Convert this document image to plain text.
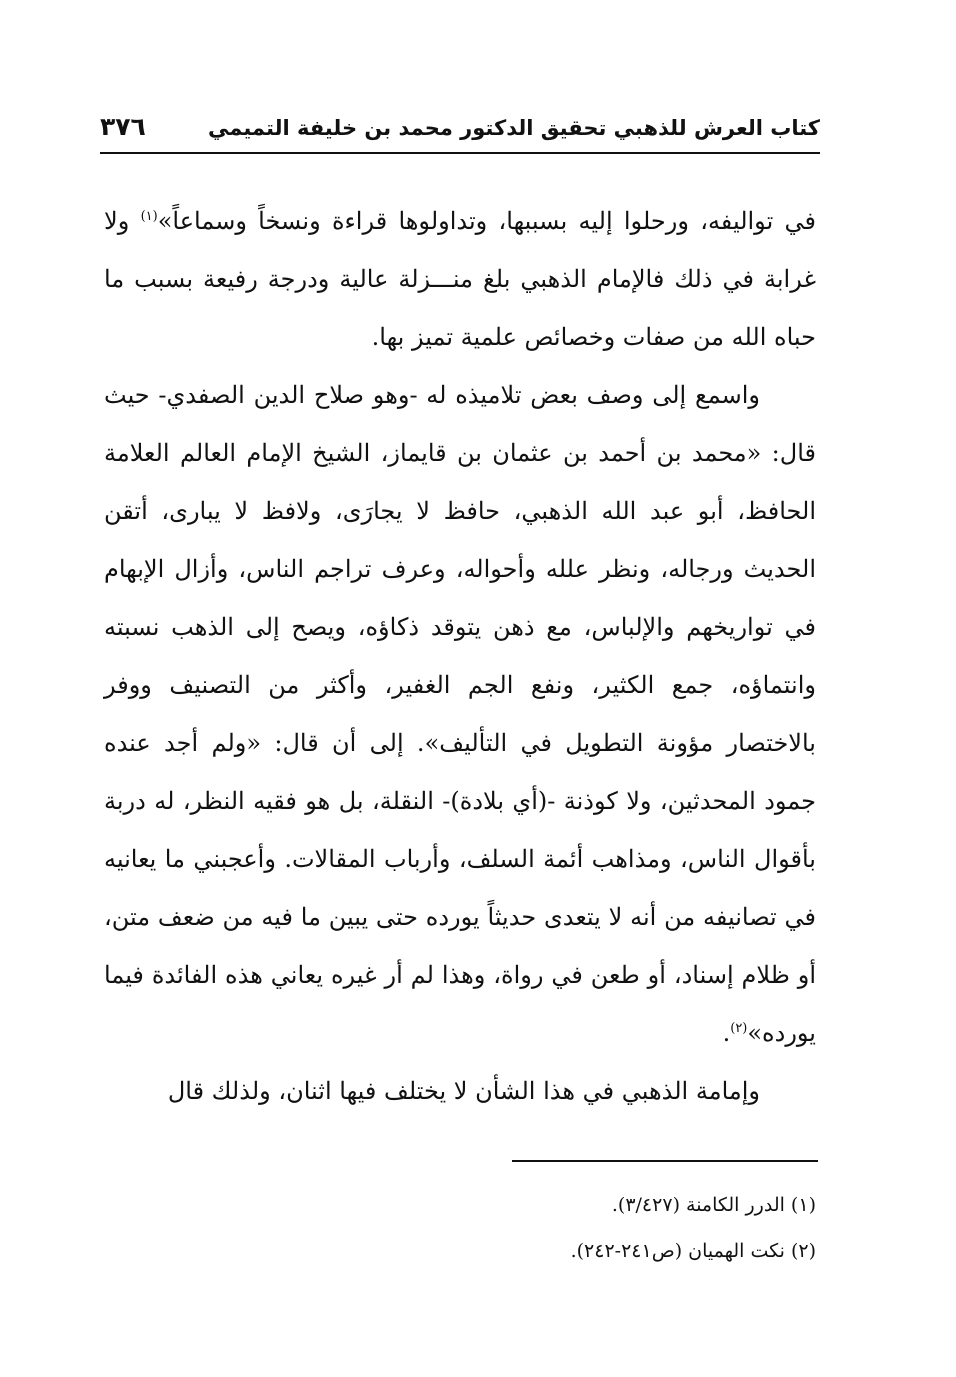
كتاب العرش للذهبي تحقيق الدكتور محمد بن خليفة التميمي
٣٧٦

في تواليفه، ورحلوا إليه بسببها، وتداولوها قراءة ونسخاً وسماعاً»$^{(١)}$ ولا غرابة في ذلك فالإمام الذهبي بلغ منـــزلة عالية ودرجة رفيعة بسبب ما حباه الله من صفات وخصائص علمية تميز بها.

واسمع إلى وصف بعض تلاميذه له -وهو صلاح الدين الصفدي- حيث قال: «محمد بن أحمد بن عثمان بن قايماز، الشيخ الإمام العالم العلامة الحافظ، أبو عبد الله الذهبي، حافظ لا يجارَى، ولافظ لا يبارى، أتقن الحديث ورجاله، ونظر علله وأحواله، وعرف تراجم الناس، وأزال الإبهام في تواريخهم والإلباس، مع ذهن يتوقد ذكاؤه، ويصح إلى الذهب نسبته وانتماؤه، جمع الكثير، ونفع الجم الغفير، وأكثر من التصنيف ووفر بالاختصار مؤونة التطويل في التأليف». إلى أن قال: «ولم أجد عنده جمود المحدثين، ولا كوذنة -(أي بلادة)- النقلة، بل هو فقيه النظر، له دربة بأقوال الناس، ومذاهب أئمة السلف، وأرباب المقالات. وأعجبني ما يعانيه في تصانيفه من أنه لا يتعدى حديثاً يورده حتى يبين ما فيه من ضعف متن، أو ظلام إسناد، أو طعن في رواة، وهذا لم أر غيره يعاني هذه الفائدة فيما يورده»$^{(٢)}$.

وإمامة الذهبي في هذا الشأن لا يختلف فيها اثنان، ولذلك قال

(١) الدرر الكامنة (٣/٤٢٧).

(٢) نكت الهميان (ص٢٤١-٢٤٢).
